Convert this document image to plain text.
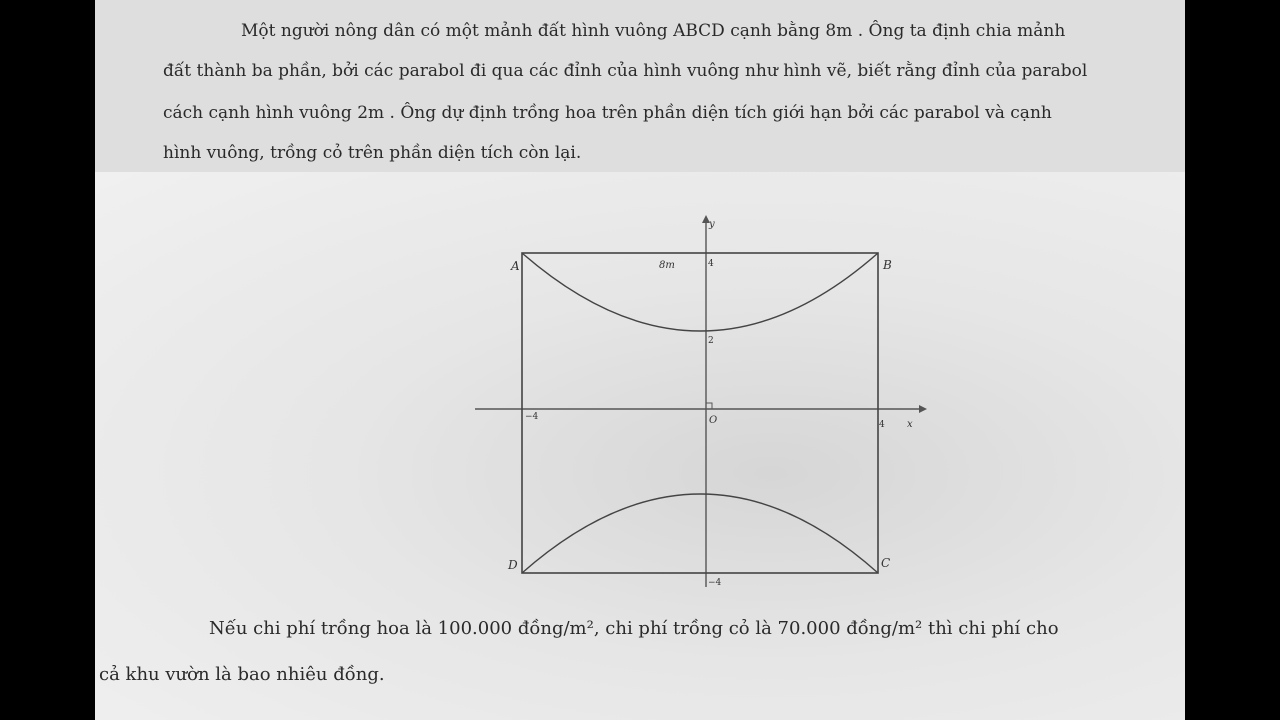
Một người nông dân có một mảnh đất hình vuông ABCD cạnh bằng 8m . Ông ta định chia mảnh
đất thành ba phần, bởi các parabol đi qua các đỉnh của hình vuông như hình vẽ, biết rằng đỉnh của parabol
cách cạnh hình vuông 2m . Ông dự định trồng hoa trên phần diện tích giới hạn bởi các parabol và cạnh
hình vuông, trồng cỏ trên phần diện tích còn lại.
A	B
C
D
8m
y
x
O
−4
4
4
2
−4
Nếu chi phí trồng hoa là 100.000 đồng/m², chi phí trồng cỏ là 70.000 đồng/m² thì chi phí cho
cả khu vườn là bao nhiêu đồng.
